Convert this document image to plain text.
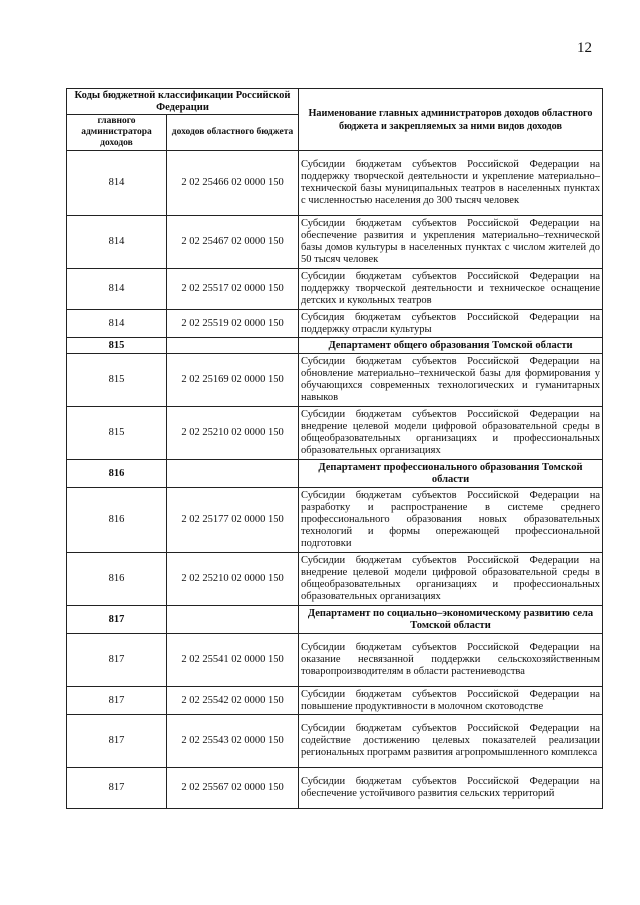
12
Коды бюджетной классификации Российской Федерации		Наименование главных администраторов доходов областного бюджета и закрепляемых за ними видов доходов
главного администратора доходов	доходов областного бюджета	
814	2 02 25466 02 0000 150	Субсидии бюджетам субъектов Российской Федерации на поддержку творческой деятельности и укрепление материально–технической базы муниципальных театров в населенных пунктах с численностью населения до 300 тысяч человек
814	2 02 25467 02 0000 150	Субсидии бюджетам субъектов Российской Федерации на обеспечение развития и укрепления материально–технической базы домов культуры в населенных пунктах с числом жителей до 50 тысяч человек
814	2 02 25517 02 0000 150	Субсидии бюджетам субъектов Российской Федерации на поддержку творческой деятельности и техническое оснащение детских и кукольных театров
814	2 02 25519 02 0000 150	Субсидия бюджетам субъектов Российской Федерации на поддержку отрасли культуры
815		Департамент общего образования Томской области
815	2 02 25169 02 0000 150	Субсидии бюджетам субъектов Российской Федерации на обновление материально–технической базы для формирования у обучающихся современных технологических и гуманитарных навыков
815	2 02 25210 02 0000 150	Субсидии бюджетам субъектов Российской Федерации на внедрение целевой модели цифровой образовательной среды в общеобразовательных организациях и профессиональных образовательных организациях
816		Департамент профессионального образования Томской области
816	2 02 25177 02 0000 150	Субсидии бюджетам субъектов Российской Федерации на разработку и распространение в системе среднего профессионального образования новых образовательных технологий и формы опережающей профессиональной подготовки
816	2 02 25210 02 0000 150	Субсидии бюджетам субъектов Российской Федерации на внедрение целевой модели цифровой образовательной среды в общеобразовательных организациях и профессиональных образовательных организациях
817		Департамент по социально–экономическому развитию села Томской области
817	2 02 25541 02 0000 150	Субсидии бюджетам субъектов Российской Федерации на оказание несвязанной поддержки сельскохозяйственным товаропроизводителям в области растениеводства
817	2 02 25542 02 0000 150	Субсидии бюджетам субъектов Российской Федерации на повышение продуктивности в молочном скотоводстве
817	2 02 25543 02 0000 150	Субсидии бюджетам субъектов Российской Федерации на содействие достижению целевых показателей реализации региональных программ развития агропромышленного комплекса
817	2 02 25567 02 0000 150	Субсидии бюджетам субъектов Российской Федерации на обеспечение устойчивого развития сельских территорий
